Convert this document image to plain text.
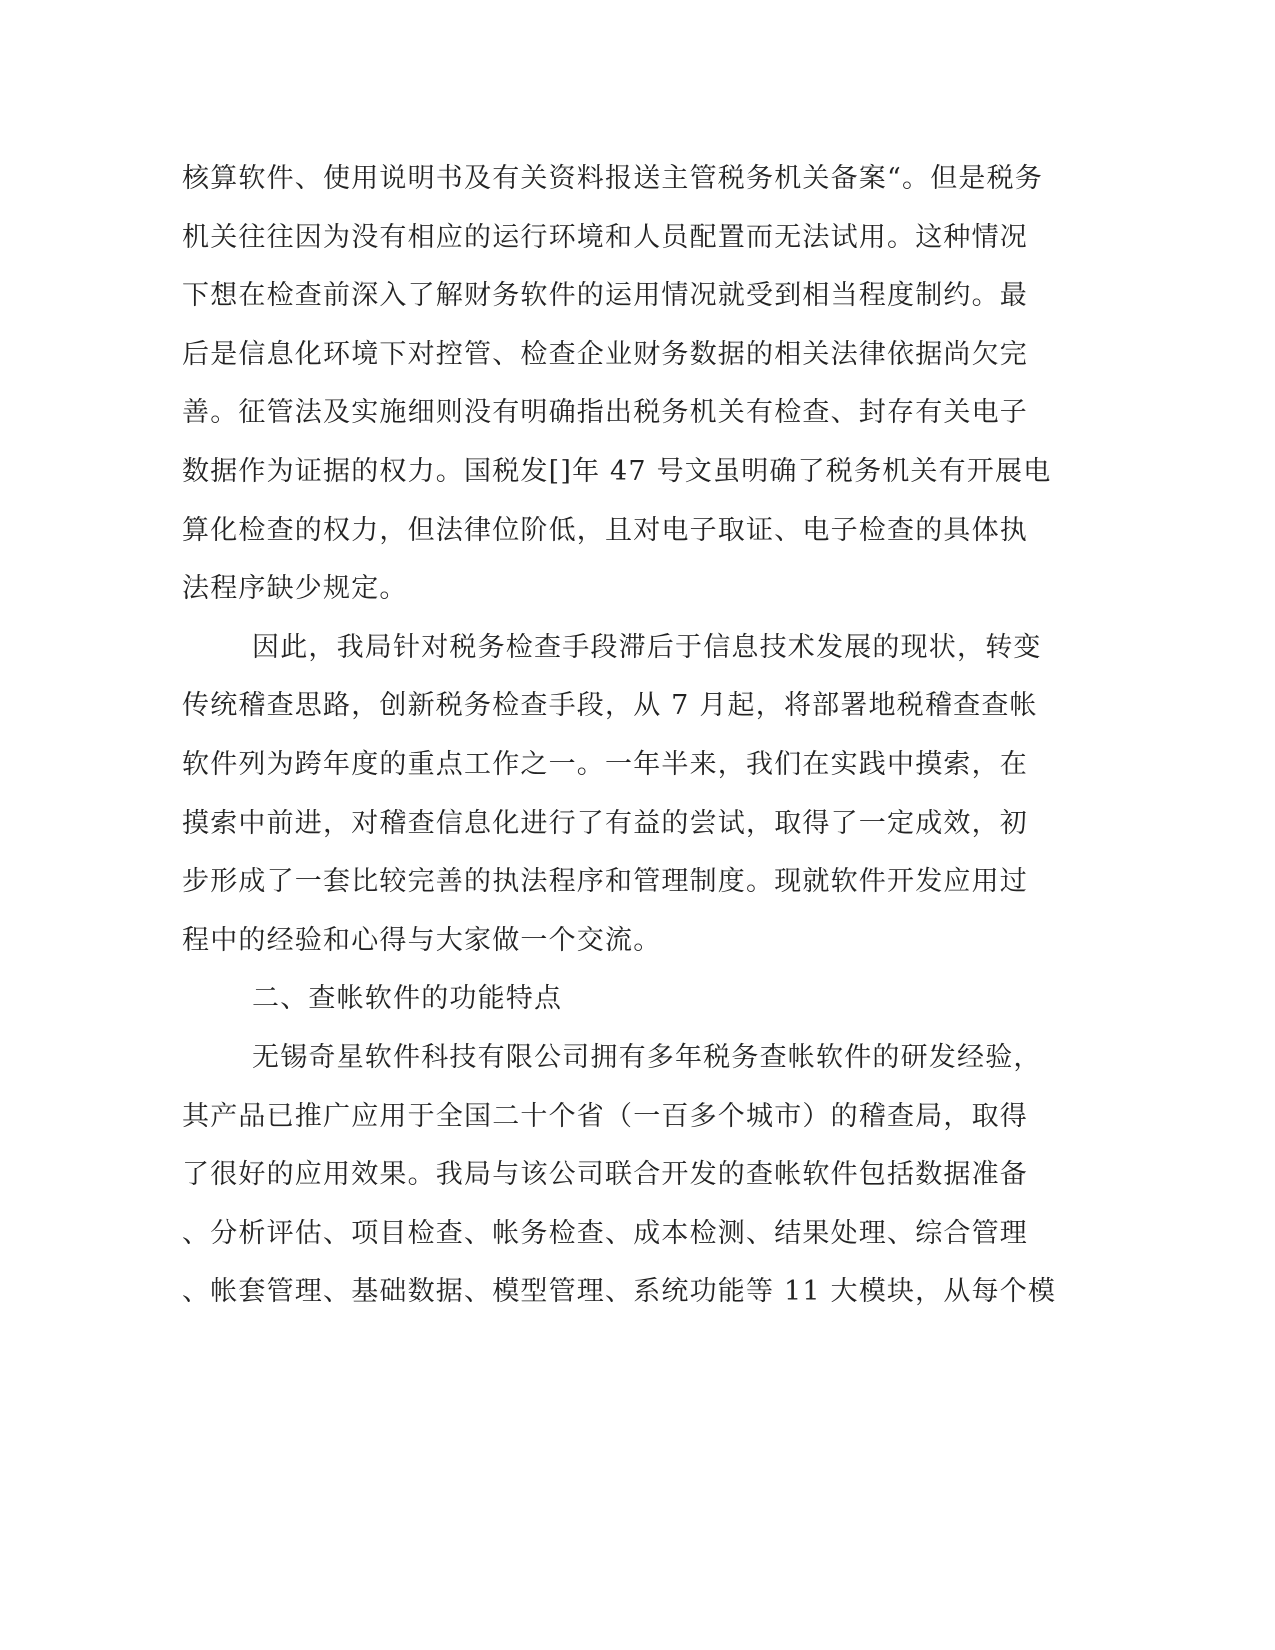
核算软件、使用说明书及有关资料报送主管税务机关备案“。但是税务
机关往往因为没有相应的运行环境和人员配置而无法试用。这种情况
下想在检查前深入了解财务软件的运用情况就受到相当程度制约。最
后是信息化环境下对控管、检查企业财务数据的相关法律依据尚欠完
善。征管法及实施细则没有明确指出税务机关有检查、封存有关电子
数据作为证据的权力。国税发[]年 47 号文虽明确了税务机关有开展电
算化检查的权力，但法律位阶低，且对电子取证、电子检查的具体执
法程序缺少规定。
因此，我局针对税务检查手段滞后于信息技术发展的现状，转变
传统稽查思路，创新税务检查手段，从 7 月起，将部署地税稽查查帐
软件列为跨年度的重点工作之一。一年半来，我们在实践中摸索，在
摸索中前进，对稽查信息化进行了有益的尝试，取得了一定成效，初
步形成了一套比较完善的执法程序和管理制度。现就软件开发应用过
程中的经验和心得与大家做一个交流。
二、查帐软件的功能特点
无锡奇星软件科技有限公司拥有多年税务查帐软件的研发经验，
其产品已推广应用于全国二十个省（一百多个城市）的稽查局，取得
了很好的应用效果。我局与该公司联合开发的查帐软件包括数据准备
、分析评估、项目检查、帐务检查、成本检测、结果处理、综合管理
、帐套管理、基础数据、模型管理、系统功能等 11 大模块，从每个模
